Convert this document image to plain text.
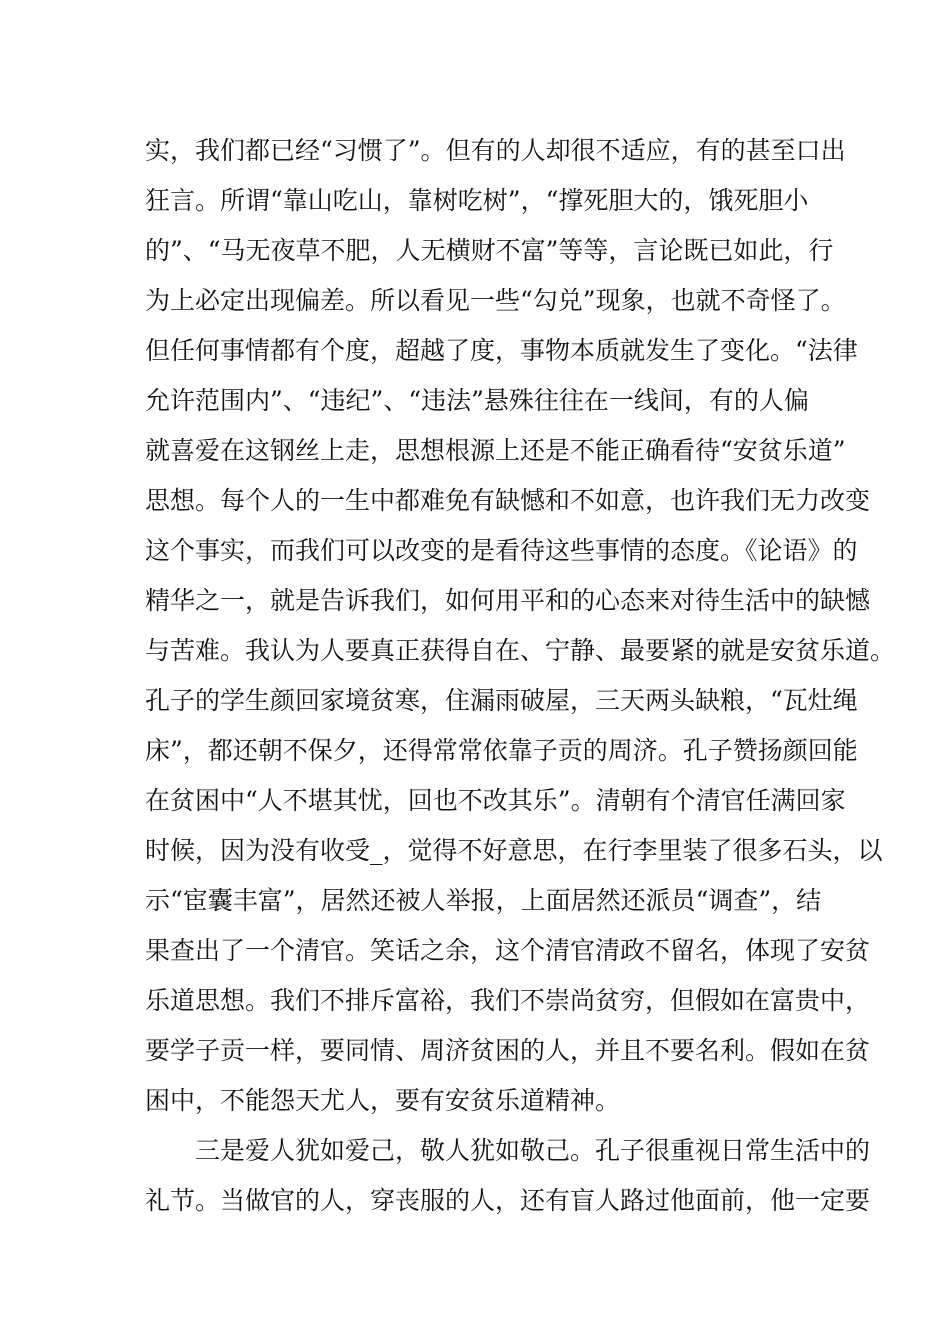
实，我们都已经“习惯了”。但有的人却很不适应，有的甚至口出
狂言。所谓“靠山吃山，靠树吃树”，“撑死胆大的，饿死胆小
的”、“马无夜草不肥，人无横财不富”等等，言论既已如此，行
为上必定出现偏差。所以看见一些“勾兑”现象，也就不奇怪了。
但任何事情都有个度，超越了度，事物本质就发生了变化。“法律
允许范围内”、“违纪”、“违法”悬殊往往在一线间，有的人偏
就喜爱在这钢丝上走，思想根源上还是不能正确看待“安贫乐道”
思想。每个人的一生中都难免有缺憾和不如意，也许我们无力改变
这个事实，而我们可以改变的是看待这些事情的态度。《论语》的
精华之一，就是告诉我们，如何用平和的心态来对待生活中的缺憾
与苦难。我认为人要真正获得自在、宁静、最要紧的就是安贫乐道。
孔子的学生颜回家境贫寒，住漏雨破屋，三天两头缺粮，“瓦灶绳
床”，都还朝不保夕，还得常常依靠子贡的周济。孔子赞扬颜回能
在贫困中“人不堪其忧，回也不改其乐”。清朝有个清官任满回家
时候，因为没有收受_，觉得不好意思，在行李里装了很多石头，以
示“宦囊丰富”，居然还被人举报，上面居然还派员“调查”，结
果查出了一个清官。笑话之余，这个清官清政不留名，体现了安贫
乐道思想。我们不排斥富裕，我们不崇尚贫穷，但假如在富贵中，
要学子贡一样，要同情、周济贫困的人，并且不要名利。假如在贫
困中，不能怨天尤人，要有安贫乐道精神。
三是爱人犹如爱己，敬人犹如敬己。孔子很重视日常生活中的
礼节。当做官的人，穿丧服的人，还有盲人路过他面前，他一定要
